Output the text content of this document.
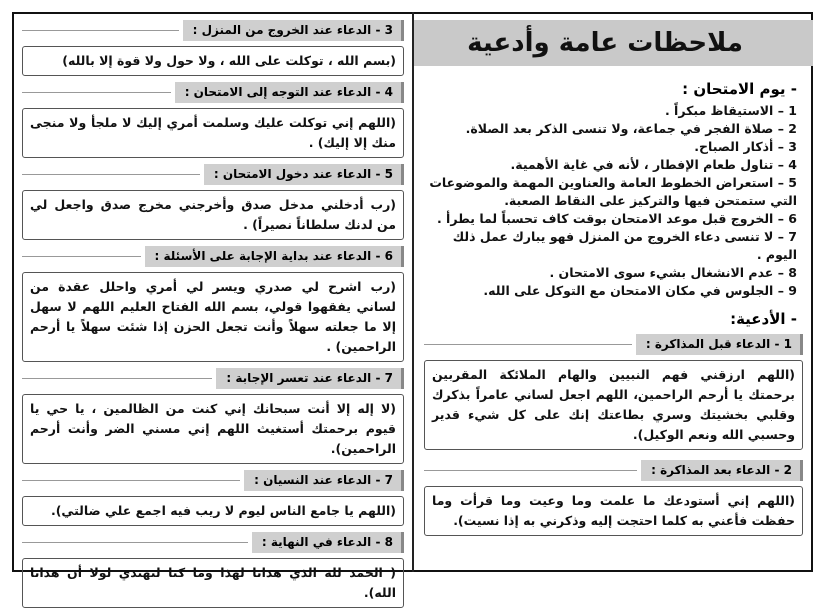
ملاحظات عامة وأدعية
- يوم الامتحان :
1 – الاستيقاظ مبكراً .
2 – صلاة الفجر في جماعة، ولا تنسى الذكر بعد الصلاة.
3 – أذكار الصباح.
4 – تناول طعام الإفطار ، لأنه في غاية الأهمية.
5 – استعراض الخطوط العامة والعناوين المهمة والموضوعات التي ستمتحن فيها والتركيز على النقاط الصعبة.
6 – الخروج قبل موعد الامتحان بوقت كاف تحسباً لما يطرأ .
7 – لا تنسى دعاء الخروج من المنزل فهو يبارك عمل ذلك اليوم .
8 – عدم الانشغال بشيء سوى الامتحان .
9 – الجلوس في مكان الامتحان مع التوكل على الله.
- الأدعية:
1 - الدعاء قبل المذاكرة :
(اللهم ارزقني فهم النبيين والهام الملائكة المقربين برحمتك يا أرحم الراحمين، اللهم اجعل لساني عامراً بذكرك وقلبي بخشيتك وسري بطاعتك إنك على كل شيء قدير وحسبي الله ونعم الوكيل).
2 - الدعاء بعد المذاكرة :
(اللهم إني أستودعك ما علمت وما وعيت وما قرأت وما حفظت فأعني به كلما احتجت إليه وذكرني به إذا نسيت).
3 - الدعاء عند الخروج من المنزل :
(بسم الله ، توكلت على الله ، ولا حول ولا قوة إلا بالله)
4 - الدعاء عند التوجه إلى الامتحان :
(اللهم إني توكلت عليك وسلمت أمري إليك لا ملجأ ولا منجى منك إلا إليك) .
5 - الدعاء عند دخول الامتحان :
(رب أدخلني مدخل صدق وأخرجني مخرج صدق واجعل لي من لدنك سلطاناً نصيراً) .
6 - الدعاء عند بداية الإجابة على الأسئلة :
(رب اشرح لي صدري ويسر لي أمري واحلل عقدة من لساني يفقهوا قولي، بسم الله الفتاح العليم اللهم لا سهل إلا ما جعلته سهلاً وأنت تجعل الحزن إذا شئت سهلاً يا أرحم الراحمين) .
7 - الدعاء عند تعسر الإجابة :
(لا إله إلا أنت سبحانك إني كنت من الظالمين ، يا حي يا قيوم برحمتك أستغيث اللهم إني مسني الضر وأنت أرحم الراحمين).
7 - الدعاء عند النسيان :
(اللهم يا جامع الناس ليوم لا ريب فيه اجمع علي ضالتي).
8 - الدعاء في النهاية :
( الحمد لله الذي هدانا لهذا وما كنا لنهتدي لولا أن هدانا الله).
